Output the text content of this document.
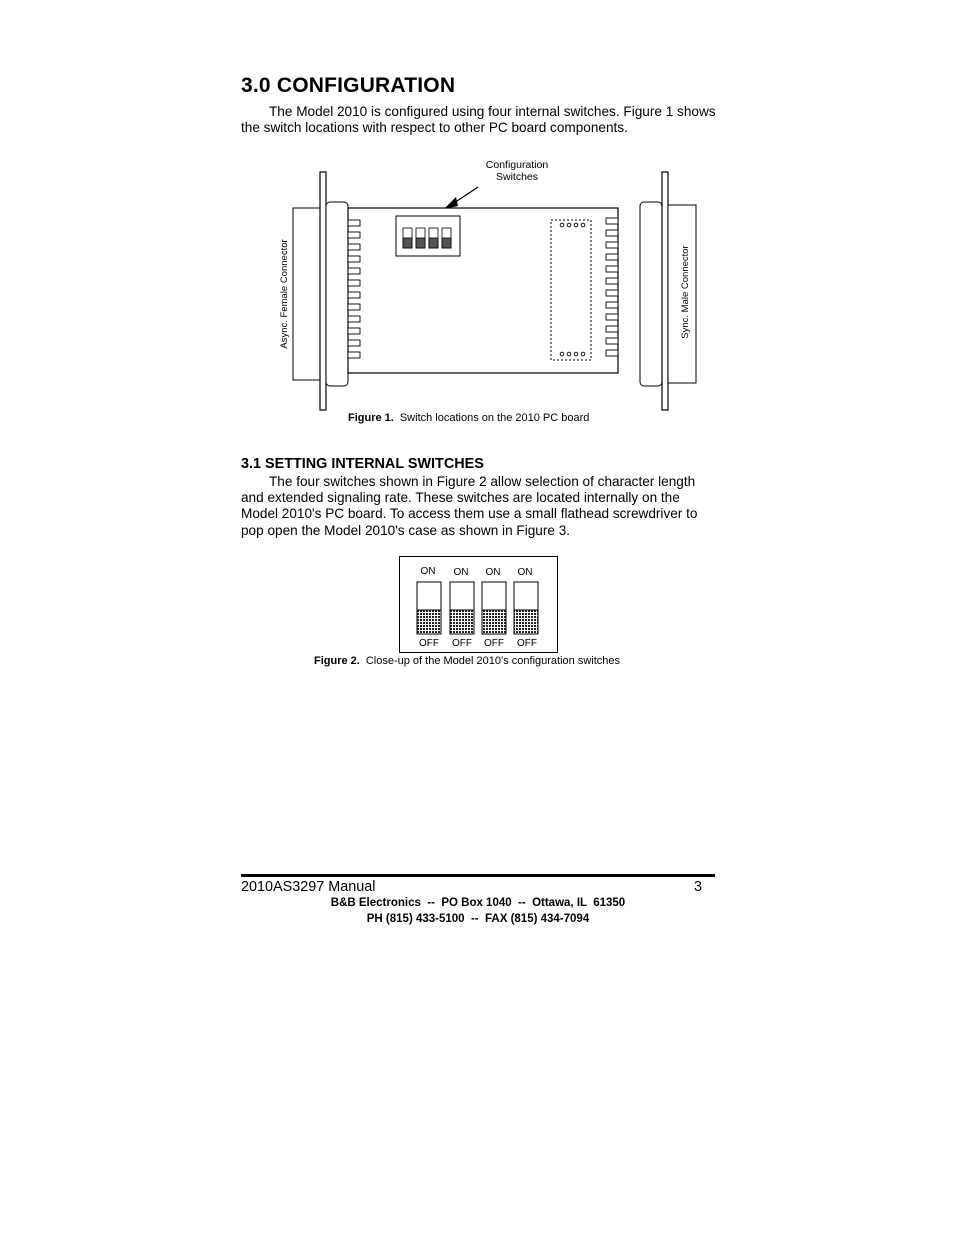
3.0 CONFIGURATION

The Model 2010 is configured using four internal switches. Figure 1 shows the switch locations with respect to other PC board components.

Configuration
Switches
Async. Female Connector	Sync. Male Connector
Figure 1. Switch locations on the 2010 PC board
3.1 SETTING INTERNAL SWITCHES

The four switches shown in Figure 2 allow selection of character length and extended signaling rate. These switches are located internally on the Model 2010's PC board. To access them use a small flathead screwdriver to pop open the Model 2010's case as shown in Figure 3.

ON ON ON ON
OFF OFF OFF OFF
Figure 2. Close-up of the Model 2010’s configuration switches
2010AS3297 Manual	3
B&B Electronics  --  PO Box 1040  --  Ottawa, IL  61350
PH (815) 433-5100  --  FAX (815) 434-7094
